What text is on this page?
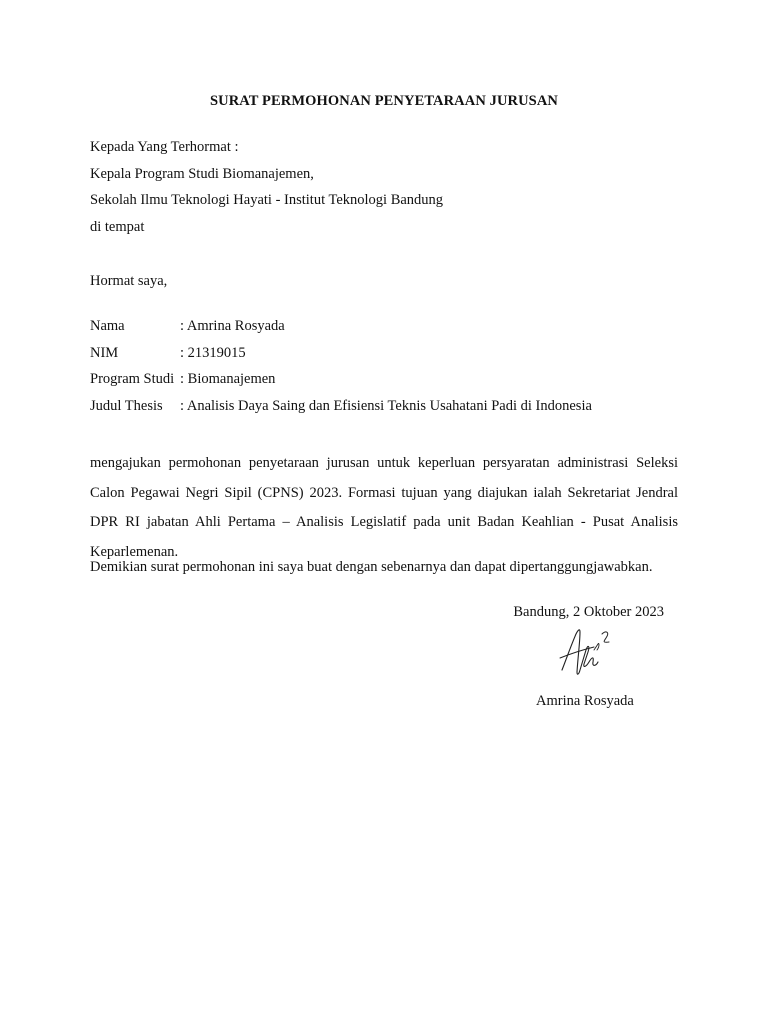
SURAT PERMOHONAN PENYETARAAN JURUSAN
Kepada Yang Terhormat :
Kepala Program Studi Biomanajemen,
Sekolah Ilmu Teknologi Hayati - Institut Teknologi Bandung
di tempat
Hormat saya,
Nama	: Amrina Rosyada
NIM	: 21319015
Program Studi : Biomanajemen
Judul Thesis : Analisis Daya Saing dan Efisiensi Teknis Usahatani Padi di Indonesia
mengajukan permohonan penyetaraan jurusan untuk keperluan persyaratan administrasi Seleksi Calon Pegawai Negri Sipil (CPNS) 2023. Formasi tujuan yang diajukan ialah Sekretariat Jendral DPR RI jabatan Ahli Pertama – Analisis Legislatif pada unit Badan Keahlian - Pusat Analisis Keparlemenan.
Demikian surat permohonan ini saya buat dengan sebenarnya dan dapat dipertanggungjawabkan.
Bandung, 2 Oktober 2023
Amrina Rosyada
